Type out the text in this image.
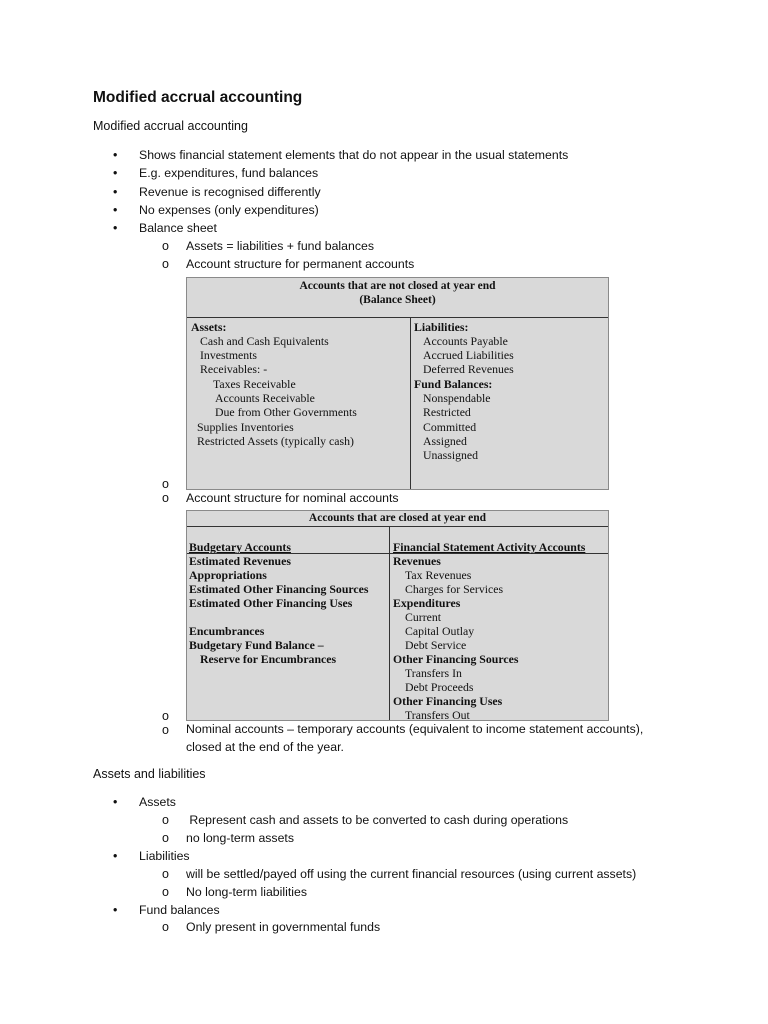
Modified accrual accounting
Modified accrual accounting
• Shows financial statement elements that do not appear in the usual statements
• E.g. expenditures, fund balances
• Revenue is recognised differently
• No expenses (only expenditures)
• Balance sheet
o Assets = liabilities + fund balances
o Account structure for permanent accounts
Accounts that are not closed at year end
(Balance Sheet)
Assets:
Cash and Cash Equivalents
Investments
Receivables: -
Taxes Receivable
Accounts Receivable
Due from Other Governments
Supplies Inventories
Restricted Assets (typically cash)
Liabilities:
Accounts Payable
Accrued Liabilities
Deferred Revenues
Fund Balances:
Nonspendable
Restricted
Committed
Assigned
Unassigned
o
o Account structure for nominal accounts
Accounts that are closed at year end
Budgetary Accounts	Financial Statement Activity Accounts
Estimated Revenues
Appropriations
Estimated Other Financing Sources
Estimated Other Financing Uses
Encumbrances
Budgetary Fund Balance –
Reserve for Encumbrances
Revenues
Tax Revenues
Charges for Services
Expenditures
Current
Capital Outlay
Debt Service
Other Financing Sources
Transfers In
Debt Proceeds
Other Financing Uses
Transfers Out
o
o Nominal accounts – temporary accounts (equivalent to income statement accounts),
closed at the end of the year.
Assets and liabilities
• Assets
o Represent cash and assets to be converted to cash during operations
o no long-term assets
• Liabilities
o will be settled/payed off using the current financial resources (using current assets)
o No long-term liabilities
• Fund balances
o Only present in governmental funds
